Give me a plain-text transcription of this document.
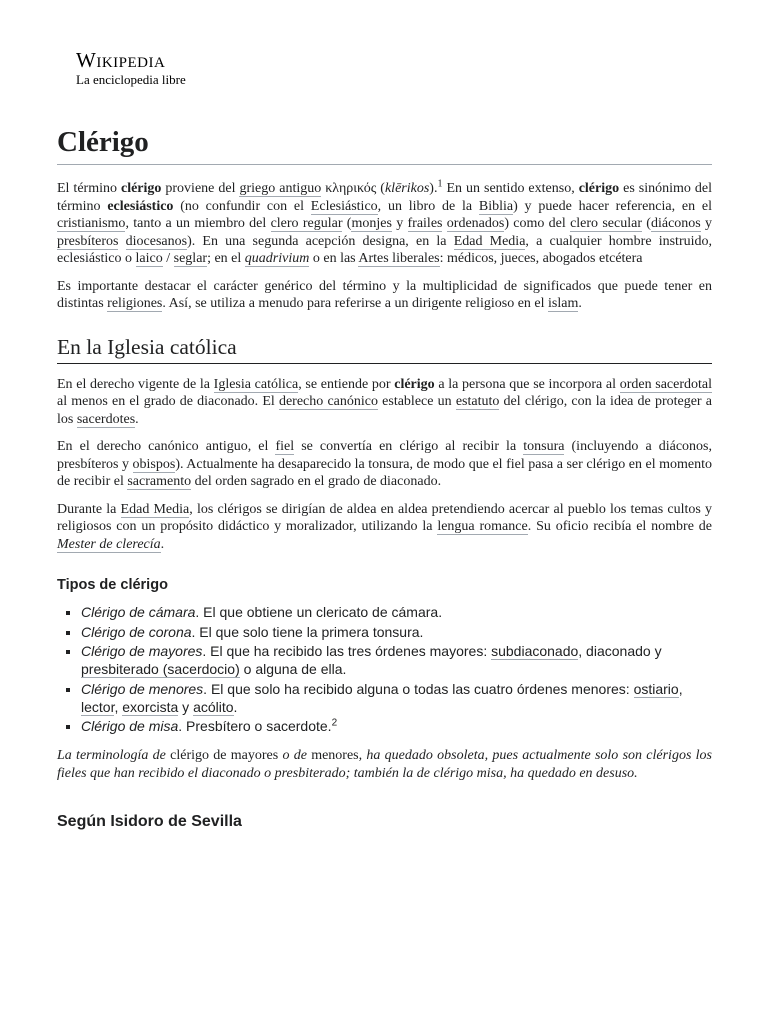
Wikipedia
La enciclopedia libre
Clérigo

El término clérigo proviene del griego antiguo κληρικός (klērikos).$^1$ En un sentido extenso, clérigo es sinónimo del término eclesiástico (no confundir con el Eclesiástico, un libro de la Biblia) y puede hacer referencia, en el cristianismo, tanto a un miembro del clero regular (monjes y frailes ordenados) como del clero secular (diáconos y presbíteros diocesanos). En una segunda acepción designa, en la Edad Media, a cualquier hombre instruido, eclesiástico o laico / seglar; en el quadrivium o en las Artes liberales: médicos, jueces, abogados etcétera

Es importante destacar el carácter genérico del término y la multiplicidad de significados que puede tener en distintas religiones. Así, se utiliza a menudo para referirse a un dirigente religioso en el islam.

En la Iglesia católica

En el derecho vigente de la Iglesia católica, se entiende por clérigo a la persona que se incorpora al orden sacerdotal al menos en el grado de diaconado. El derecho canónico establece un estatuto del clérigo, con la idea de proteger a los sacerdotes.

En el derecho canónico antiguo, el fiel se convertía en clérigo al recibir la tonsura (incluyendo a diáconos, presbíteros y obispos). Actualmente ha desaparecido la tonsura, de modo que el fiel pasa a ser clérigo en el momento de recibir el sacramento del orden sagrado en el grado de diaconado.

Durante la Edad Media, los clérigos se dirigían de aldea en aldea pretendiendo acercar al pueblo los temas cultos y religiosos con un propósito didáctico y moralizador, utilizando la lengua romance. Su oficio recibía el nombre de Mester de clerecía.

Tipos de clérigo
▪ Clérigo de cámara. El que obtiene un clericato de cámara.
▪ Clérigo de corona. El que solo tiene la primera tonsura.
▪ Clérigo de mayores. El que ha recibido las tres órdenes mayores: subdiaconado, diaconado y presbiterado (sacerdocio) o alguna de ella.
▪ Clérigo de menores. El que solo ha recibido alguna o todas las cuatro órdenes menores: ostiario, lector, exorcista y acólito.
▪ Clérigo de misa. Presbítero o sacerdote.$^2$

La terminología de clérigo de mayores o de menores, ha quedado obsoleta, pues actualmente solo son clérigos los fieles que han recibido el diaconado o presbiterado; también la de clérigo misa, ha quedado en desuso.

Según Isidoro de Sevilla
